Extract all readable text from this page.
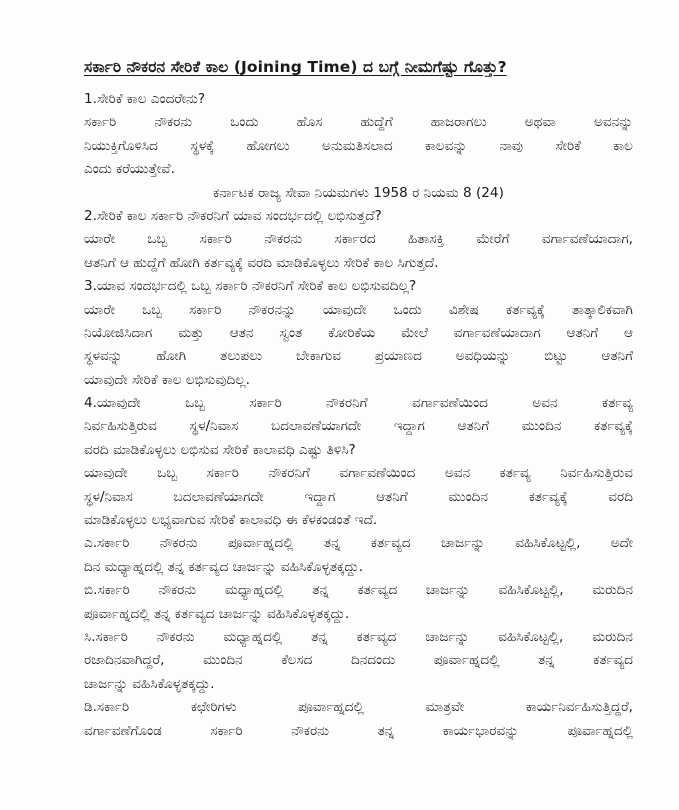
ಸರ್ಕಾರಿ ನೌಕರನ ಸೇರಿಕೆ ಕಾಲ (Joining Time) ದ ಬಗ್ಗೆ ನೀಮಗೆಷ್ಟು ಗೊತ್ತು?
1.ಸೇರಿಕೆ ಕಾಲ ಎಂದರೇನು?
ಸರ್ಕಾರಿ ನೌಕರನು ಒಂದು ಹೊಸ ಹುದ್ದೆಗೆ ಹಾಜರಾಗಲು ಅಥವಾ ಅವನನ್ನು
ನಿಯುಕ್ತಿಗೊಳಿಸಿದ ಸ್ಥಳಕ್ಕೆ ಹೋಗಲು ಅನುಮತಿಸಲಾದ ಕಾಲವನ್ನು ನಾವು ಸೇರಿಕೆ ಕಾಲ
ಎಂದು ಕರೆಯುತ್ತೇವೆ.
ಕರ್ನಾಟಕ ರಾಜ್ಯ ಸೇವಾ ನಿಯಮಗಳು 1958 ರ ನಿಯಮ 8 (24)
2.ಸೇರಿಕೆ ಕಾಲ ಸರ್ಕಾರಿ ನೌಕರನಿಗೆ ಯಾವ ಸಂದರ್ಭದಲ್ಲಿ ಲಭಿಸುತ್ತದೆ?
ಯಾರೇ ಒಬ್ಬ ಸರ್ಕಾರಿ ನೌಕರನು ಸರ್ಕಾರದ ಹಿತಾಸಕ್ತಿ ಮೇರೆಗೆ ವರ್ಗಾವಣೆಯಾದಾಗ,
ಆತನಿಗೆ ಆ ಹುದ್ದೆಗೆ ಹೋಗಿ ಕರ್ತವ್ಯಕ್ಕೆ ವರದಿ ಮಾಡಿಕೊಳ್ಳಲು ಸೇರಿಕೆ ಕಾಲ ಸಿಗುತ್ತದೆ.
3.ಯಾವ ಸಂದರ್ಭದಲ್ಲಿ ಒಬ್ಬ ಸರ್ಕಾರಿ ನೌಕರನಿಗೆ ಸೇರಿಕೆ ಕಾಲ ಲಭಿಸುವದಿಲ್ಲ?
ಯಾರೇ ಒಬ್ಬ ಸರ್ಕಾರಿ ನೌಕರನನ್ನು ಯಾವುದೇ ಒಂದು ವಿಶೇಷ ಕರ್ತವ್ಯಕ್ಕೆ ತಾತ್ಕಾಲಿಕವಾಗಿ
ನಿಯೋಜಿಸಿದಾಗ ಮತ್ತು ಆತನ ಸ್ವಂತ ಕೋರಿಕೆಯ ಮೇಲೆ ವರ್ಗಾವಣೆಯಾದಾಗ ಆತನಿಗೆ ಆ
ಸ್ಥಳವನ್ನು ಹೋಗಿ ತಲುಪಲು ಬೇಕಾಗುವ ಪ್ರಯಾಣದ ಅವಧಿಯನ್ನು ಬಿಟ್ಟು ಆತನಿಗೆ
ಯಾವುದೇ ಸೇರಿಕೆ ಕಾಲ ಲಭಿಸುವುದಿಲ್ಲ.
4.ಯಾವುದೇ ಒಬ್ಬ ಸರ್ಕಾರಿ ನೌಕರನಿಗೆ ವರ್ಗಾವಣೆಯಿಂದ ಅವನ ಕರ್ತವ್ಯ
ನಿರ್ವಹಿಸುತ್ತಿರುವ ಸ್ಥಳ/ನಿವಾಸ ಬದಲಾವಣೆಯಾಗದೇ ಇದ್ದಾಗ ಆತನಿಗೆ ಮುಂದಿನ ಕರ್ತವ್ಯಕ್ಕೆ
ವರದಿ ಮಾಡಿಕೊಳ್ಳಲು ಲಭಿಸುವ ಸೇರಿಕೆ ಕಾಲಾವಧಿ ಎಷ್ಟು ತಿಳಿಸಿ?
ಯಾವುದೇ ಒಬ್ಬ ಸರ್ಕಾರಿ ನೌಕರನಿಗೆ ವರ್ಗಾವಣೆಯಿಂದ ಅವನ ಕರ್ತವ್ಯ ನಿರ್ವಹಿಸುತ್ತಿರುವ
ಸ್ಥಳ/ನಿವಾಸ ಬದಲಾವಣೆಯಾಗದೇ ಇದ್ದಾಗ ಆತನಿಗೆ ಮುಂದಿನ ಕರ್ತವ್ಯಕ್ಕೆ ವರದಿ
ಮಾಡಿಕೊಳ್ಳಲು ಲಭ್ಯವಾಗುವ ಸೇರಿಕೆ ಕಾಲಾವಧಿ ಈ ಕೆಳಕಂಡಂತೆ ಇದೆ.
ಎ.ಸರ್ಕಾರಿ ನೌಕರನು ಪೂರ್ವಾಹ್ನದಲ್ಲಿ ತನ್ನ ಕರ್ತವ್ಯದ ಚಾರ್ಜನ್ನು ವಹಿಸಿಕೊಟ್ಟಲ್ಲಿ, ಅದೇ
ದಿನ ಮಧ್ಯಾಹ್ನದಲ್ಲಿ ತನ್ನ ಕರ್ತವ್ಯದ ಚಾರ್ಜನ್ನು ವಹಿಸಿಕೊಳ್ಳತಕ್ಕದ್ದು.
ಬಿ.ಸರ್ಕಾರಿ ನೌಕರನು ಮಧ್ಯಾಹ್ನದಲ್ಲಿ ತನ್ನ ಕರ್ತವ್ಯದ ಚಾರ್ಜನ್ನು ವಹಿಸಿಕೊಟ್ಟಲ್ಲಿ, ಮರುದಿನ
ಪೂರ್ವಾಹ್ನದಲ್ಲಿ ತನ್ನ ಕರ್ತವ್ಯದ ಚಾರ್ಜನ್ನು ವಹಿಸಿಕೊಳ್ಳತಕ್ಕದ್ದು.
ಸಿ.ಸರ್ಕಾರಿ ನೌಕರನು ಮಧ್ಯಾಹ್ನದಲ್ಲಿ ತನ್ನ ಕರ್ತವ್ಯದ ಚಾರ್ಜನ್ನು ವಹಿಸಿಕೊಟ್ಟಲ್ಲಿ, ಮರುದಿನ
ರಜಾದಿನವಾಗಿದ್ದರೆ, ಮುಂದಿನ ಕೆಲಸದ ದಿನದಂದು ಪೂರ್ವಾಹ್ನದಲ್ಲಿ ತನ್ನ ಕರ್ತವ್ಯದ
ಚಾರ್ಜನ್ನು ವಹಿಸಿಕೊಳ್ಳತಕ್ಕದ್ದು.
ಡಿ.ಸರ್ಕಾರಿ ಕಛೇರಿಗಳು ಪೂರ್ವಾಹ್ನದಲ್ಲಿ ಮಾತ್ರವೇ ಕಾರ್ಯನಿರ್ವಹಿಸುತ್ತಿದ್ದರೆ,
ವರ್ಗಾವಣೆಗೊಂಡ ಸರ್ಕಾರಿ ನೌಕರನು ತನ್ನ ಕಾರ್ಯಭಾರವನ್ನು ಪೂರ್ವಾಹ್ನದಲ್ಲಿ
